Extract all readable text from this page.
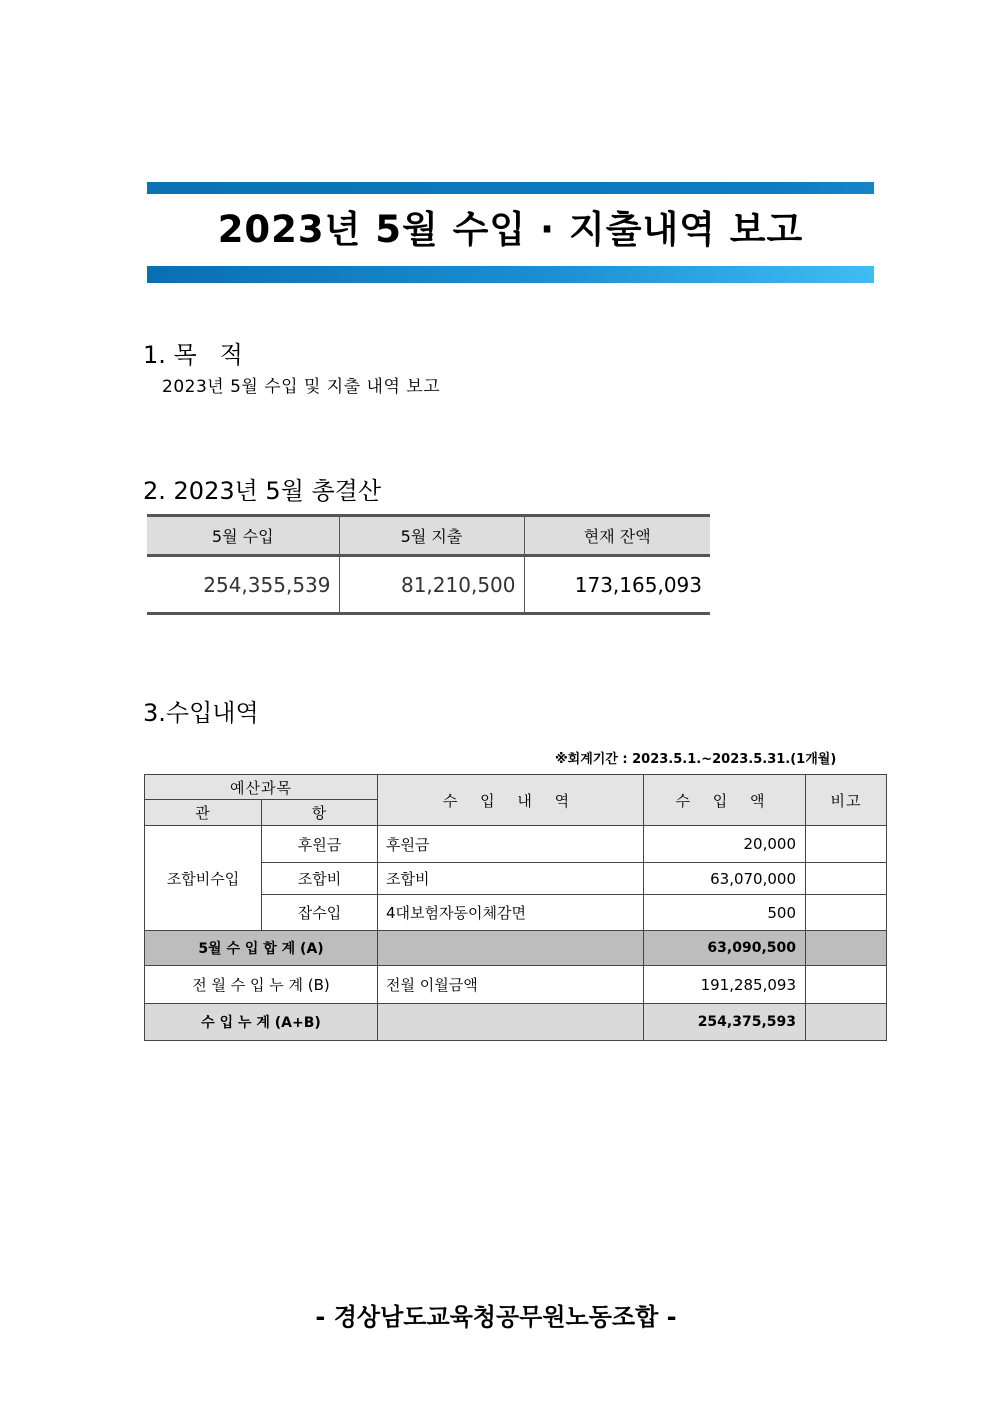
2023년 5월 수입 · 지출내역 보고
1. 목   적
2023년 5월 수입 및 지출 내역 보고
2. 2023년 5월 총결산
5월 수입	5월 지출	현재 잔액
254,355,539	81,210,500	173,165,093
3.수입내역
※회계기간 : 2023.5.1.~2023.5.31.(1개월)
예산과목		수 입 내 역	수 입 액	비고
관	항			
조합비수입	후원금	후원금	20,000	
	조합비	조합비	63,070,000	
	잡수입	4대보험자동이체감면	500	
5월 수 입 합 계 (A)			63,090,500	
전 월 수 입 누 계 (B)		전월 이월금액	191,285,093	
수 입 누 계 (A+B)			254,375,593	
- 경상남도교육청공무원노동조합 -
